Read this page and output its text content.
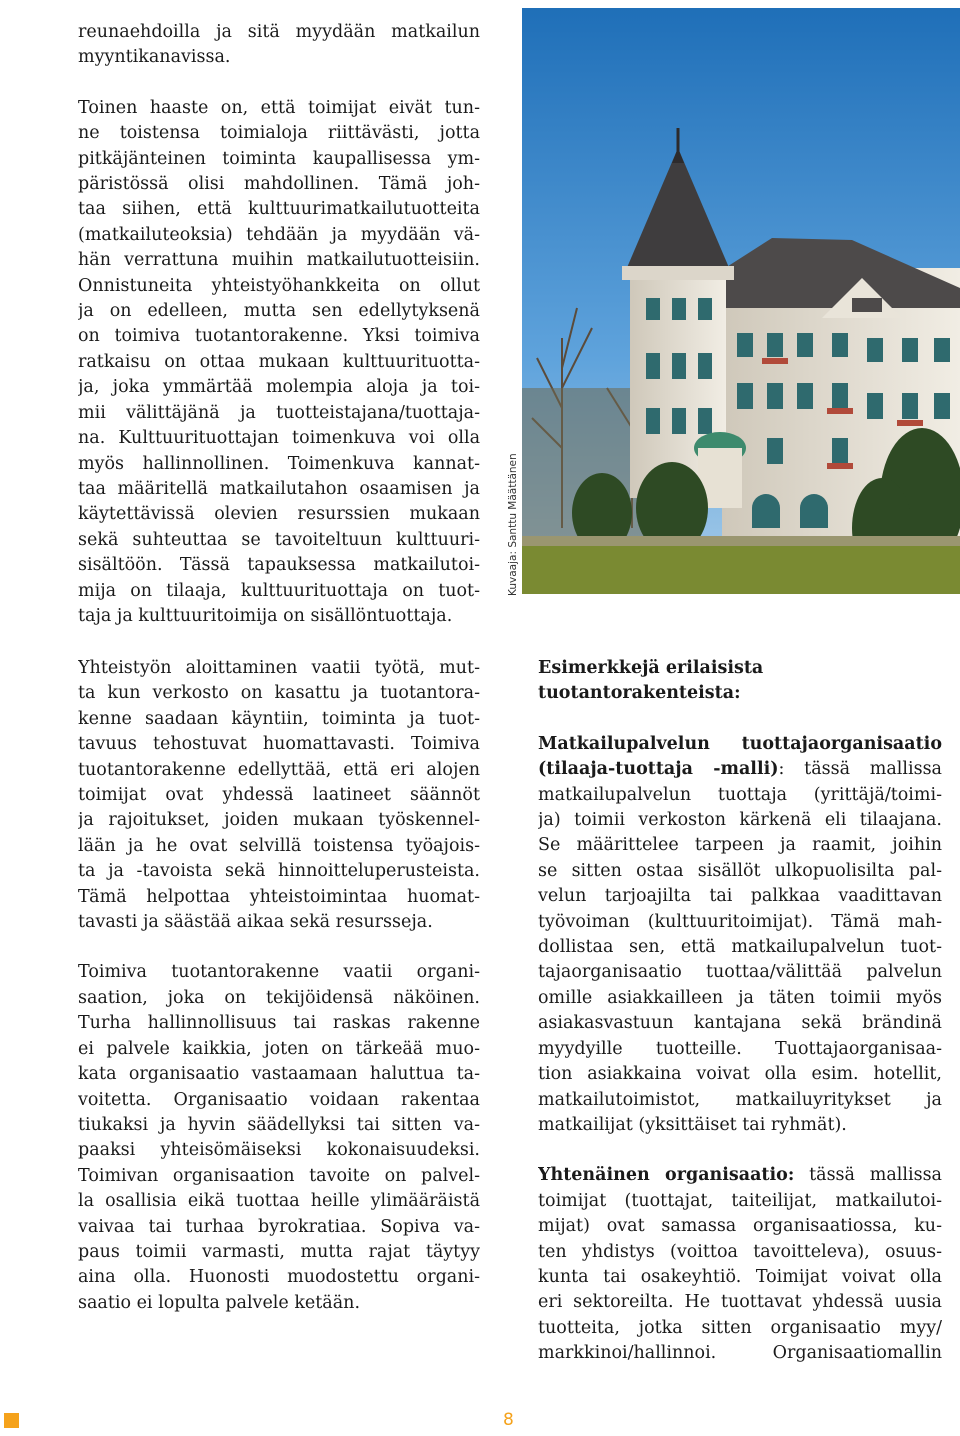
reunaehdoilla ja sitä myydään matkailun
myyntikanavissa.
Toinen haaste on, että toimijat eivät tun-
ne toistensa toimialoja riittävästi, jotta
pitkäjänteinen toiminta kaupallisessa ym-
päristössä olisi mahdollinen. Tämä joh-
taa siihen, että kulttuurimatkailutuotteita
(matkailuteoksia) tehdään ja myydään vä-
hän verrattuna muihin matkailutuotteisiin.
Onnistuneita yhteistyöhankkeita on ollut
ja on edelleen, mutta sen edellytyksenä
on toimiva tuotantorakenne. Yksi toimiva
ratkaisu on ottaa mukaan kulttuurituotta-
ja, joka ymmärtää molempia aloja ja toi-
mii välittäjänä ja tuotteistajana/tuottaja-
na. Kulttuurituottajan toimenkuva voi olla
myös hallinnollinen. Toimenkuva kannat-
taa määritellä matkailutahon osaamisen ja
käytettävissä olevien resurssien mukaan
sekä suhteuttaa se tavoiteltuun kulttuuri-
sisältöön. Tässä tapauksessa matkailutoi-
mija on tilaaja, kulttuurituottaja on tuot-
taja ja kulttuuritoimija on sisällöntuottaja.
Kuvaaja: Santtu Määttänen
Yhteistyön aloittaminen vaatii työtä, mut-
ta kun verkosto on kasattu ja tuotantora-
kenne saadaan käyntiin, toiminta ja tuot-
tavuus tehostuvat huomattavasti. Toimiva
tuotantorakenne edellyttää, että eri alojen
toimijat ovat yhdessä laatineet säännöt
ja rajoitukset, joiden mukaan työskennel-
lään ja he ovat selvillä toistensa työajois-
ta ja -tavoista sekä hinnoitteluperusteista.
Tämä helpottaa yhteistoimintaa huomat-
tavasti ja säästää aikaa sekä resursseja.
Toimiva tuotantorakenne vaatii organi-
saation, joka on tekijöidensä näköinen.
Turha hallinnollisuus tai raskas rakenne
ei palvele kaikkia, joten on tärkeää muo-
kata organisaatio vastaamaan haluttua ta-
voitetta. Organisaatio voidaan rakentaa
tiukaksi ja hyvin säädellyksi tai sitten va-
paaksi yhteisömäiseksi kokonaisuudeksi.
Toimivan organisaation tavoite on palvel-
la osallisia eikä tuottaa heille ylimääräistä
vaivaa tai turhaa byrokratiaa. Sopiva va-
paus toimii varmasti, mutta rajat täytyy
aina olla. Huonosti muodostettu organi-
saatio ei lopulta palvele ketään.
Esimerkkejä erilaisista
tuotantorakenteista:
Matkailupalvelun tuottajaorganisaatio
(tilaaja-tuottaja -malli): tässä mallissa
matkailupalvelun tuottaja (yrittäjä/toimi-
ja) toimii verkoston kärkenä eli tilaajana.
Se määrittelee tarpeen ja raamit, joihin
se sitten ostaa sisällöt ulkopuolisilta pal-
velun tarjoajilta tai palkkaa vaadittavan
työvoiman (kulttuuritoimijat). Tämä mah-
dollistaa sen, että matkailupalvelun tuot-
tajaorganisaatio tuottaa/välittää palvelun
omille asiakkailleen ja täten toimii myös
asiakasvastuun kantajana sekä brändinä
myydyille tuotteille. Tuottajaorganisaa-
tion asiakkaina voivat olla esim. hotellit,
matkailutoimistot, matkailuyritykset ja
matkailijat (yksittäiset tai ryhmät).
Yhtenäinen organisaatio: tässä mallissa
toimijat (tuottajat, taiteilijat, matkailutoi-
mijat) ovat samassa organisaatiossa, ku-
ten yhdistys (voittoa tavoitteleva), osuus-
kunta tai osakeyhtiö. Toimijat voivat olla
eri sektoreilta. He tuottavat yhdessä uusia
tuotteita, jotka sitten organisaatio myy/
markkinoi/hallinnoi. Organisaatiomallin
8
